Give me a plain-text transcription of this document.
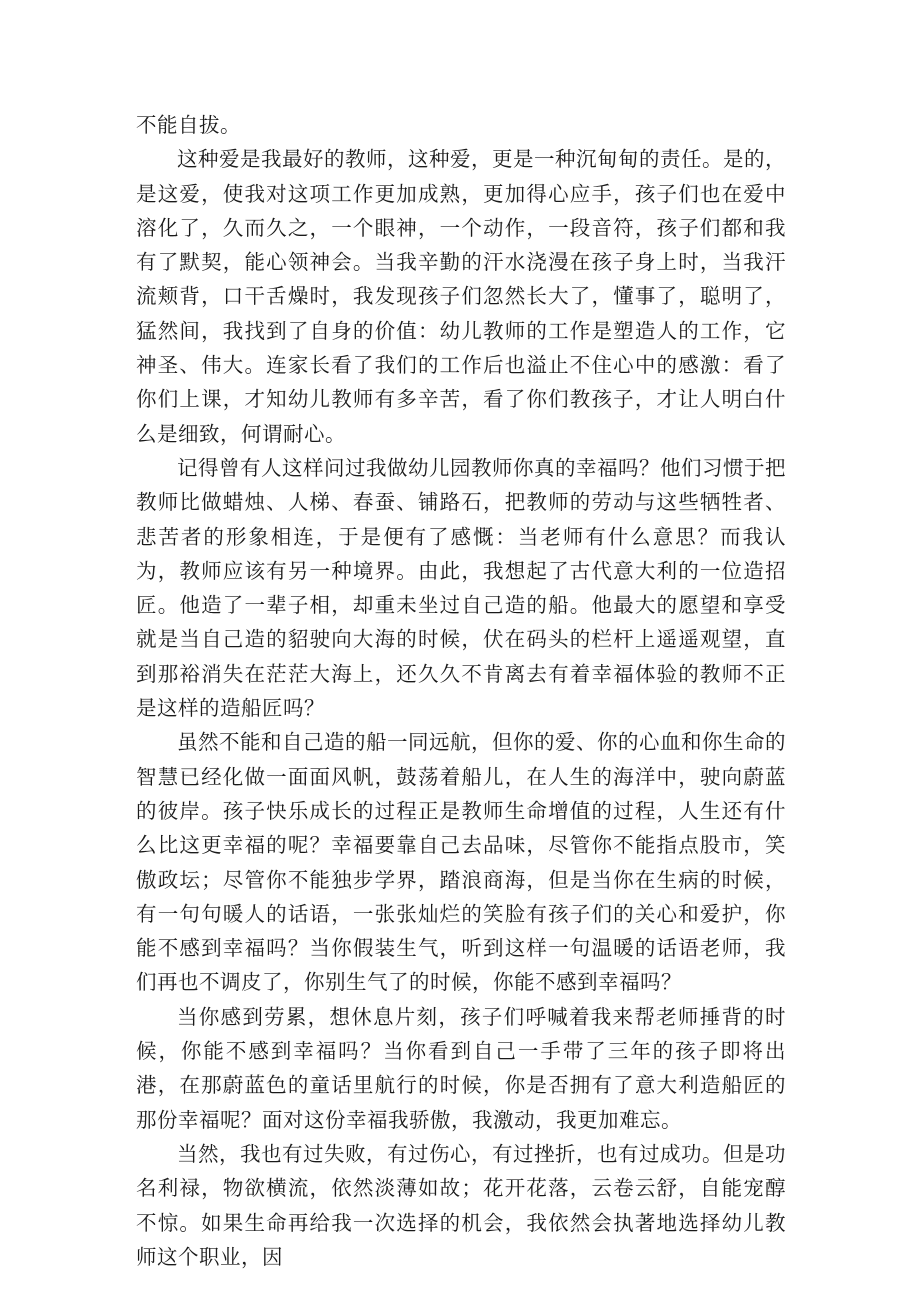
不能自拔。

这种爱是我最好的教师，这种爱，更是一种沉甸甸的责任。是的，是这爱，使我对这项工作更加成熟，更加得心应手，孩子们也在爱中溶化了，久而久之，一个眼神，一个动作，一段音符，孩子们都和我有了默契，能心领神会。当我辛勤的汗水浇漫在孩子身上时，当我汗流颊背，口干舌燥时，我发现孩子们忽然长大了，懂事了，聪明了，猛然间，我找到了自身的价值：幼儿教师的工作是塑造人的工作，它神圣、伟大。连家长看了我们的工作后也溢止不住心中的感激：看了你们上课，才知幼儿教师有多辛苦，看了你们教孩子，才让人明白什么是细致，何谓耐心。

记得曾有人这样问过我做幼儿园教师你真的幸福吗？他们习惯于把教师比做蜡烛、人梯、春蚕、铺路石，把教师的劳动与这些牺牲者、悲苦者的形象相连，于是便有了感慨：当老师有什么意思？而我认为，教师应该有另一种境界。由此，我想起了古代意大利的一位造招匠。他造了一辈子相，却重未坐过自己造的船。他最大的愿望和享受就是当自己造的貂驶向大海的时候，伏在码头的栏杆上遥遥观望，直到那裕消失在茫茫大海上，还久久不肯离去有着幸福体验的教师不正是这样的造船匠吗？

虽然不能和自己造的船一同远航，但你的爱、你的心血和你生命的智慧已经化做一面面风帆，鼓荡着船儿，在人生的海洋中，驶向蔚蓝的彼岸。孩子快乐成长的过程正是教师生命增值的过程，人生还有什么比这更幸福的呢？幸福要靠自己去品味，尽管你不能指点股市，笑傲政坛；尽管你不能独步学界，踏浪商海，但是当你在生病的时候，有一句句暖人的话语，一张张灿烂的笑脸有孩子们的关心和爱护，你能不感到幸福吗？当你假装生气，听到这样一句温暖的话语老师，我们再也不调皮了，你别生气了的时候，你能不感到幸福吗？

当你感到劳累，想休息片刻，孩子们呼喊着我来帮老师捶背的时候，你能不感到幸福吗？当你看到自己一手带了三年的孩子即将出港，在那蔚蓝色的童话里航行的时候，你是否拥有了意大利造船匠的那份幸福呢？面对这份幸福我骄傲，我激动，我更加难忘。

当然，我也有过失败，有过伤心，有过挫折，也有过成功。但是功名利禄，物欲横流，依然淡薄如故；花开花落，云卷云舒，自能宠醇不惊。如果生命再给我一次选择的机会，我依然会执著地选择幼儿教师这个职业，因
